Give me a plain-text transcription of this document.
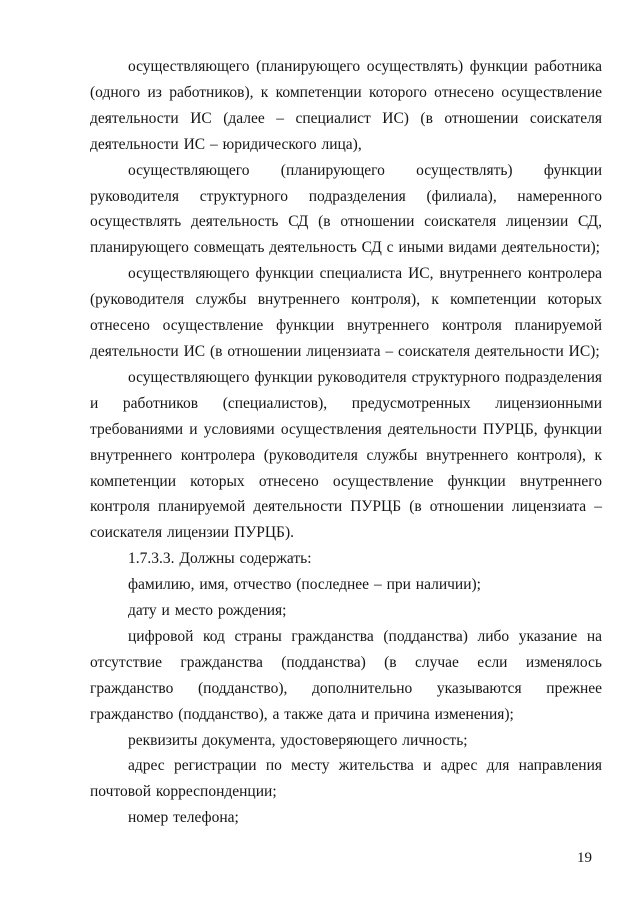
осуществляющего (планирующего осуществлять) функции работника (одного из работников), к компетенции которого отнесено осуществление деятельности ИС (далее – специалист ИС) (в отношении соискателя деятельности ИС – юридического лица),

осуществляющего (планирующего осуществлять) функции руководителя структурного подразделения (филиала), намеренного осуществлять деятельность СД (в отношении соискателя лицензии СД, планирующего совмещать деятельность СД с иными видами деятельности);

осуществляющего функции специалиста ИС, внутреннего контролера (руководителя службы внутреннего контроля), к компетенции которых отнесено осуществление функции внутреннего контроля планируемой деятельности ИС (в отношении лицензиата – соискателя деятельности ИС);

осуществляющего функции руководителя структурного подразделения и работников (специалистов), предусмотренных лицензионными требованиями и условиями осуществления деятельности ПУРЦБ, функции внутреннего контролера (руководителя службы внутреннего контроля), к компетенции которых отнесено осуществление функции внутреннего контроля планируемой деятельности ПУРЦБ (в отношении лицензиата – соискателя лицензии ПУРЦБ).

1.7.3.3. Должны содержать:

фамилию, имя, отчество (последнее – при наличии);

дату и место рождения;

цифровой код страны гражданства (подданства) либо указание на отсутствие гражданства (подданства) (в случае если изменялось гражданство (подданство), дополнительно указываются прежнее гражданство (подданство), а также дата и причина изменения);

реквизиты документа, удостоверяющего личность;

адрес регистрации по месту жительства и адрес для направления почтовой корреспонденции;

номер телефона;

19
